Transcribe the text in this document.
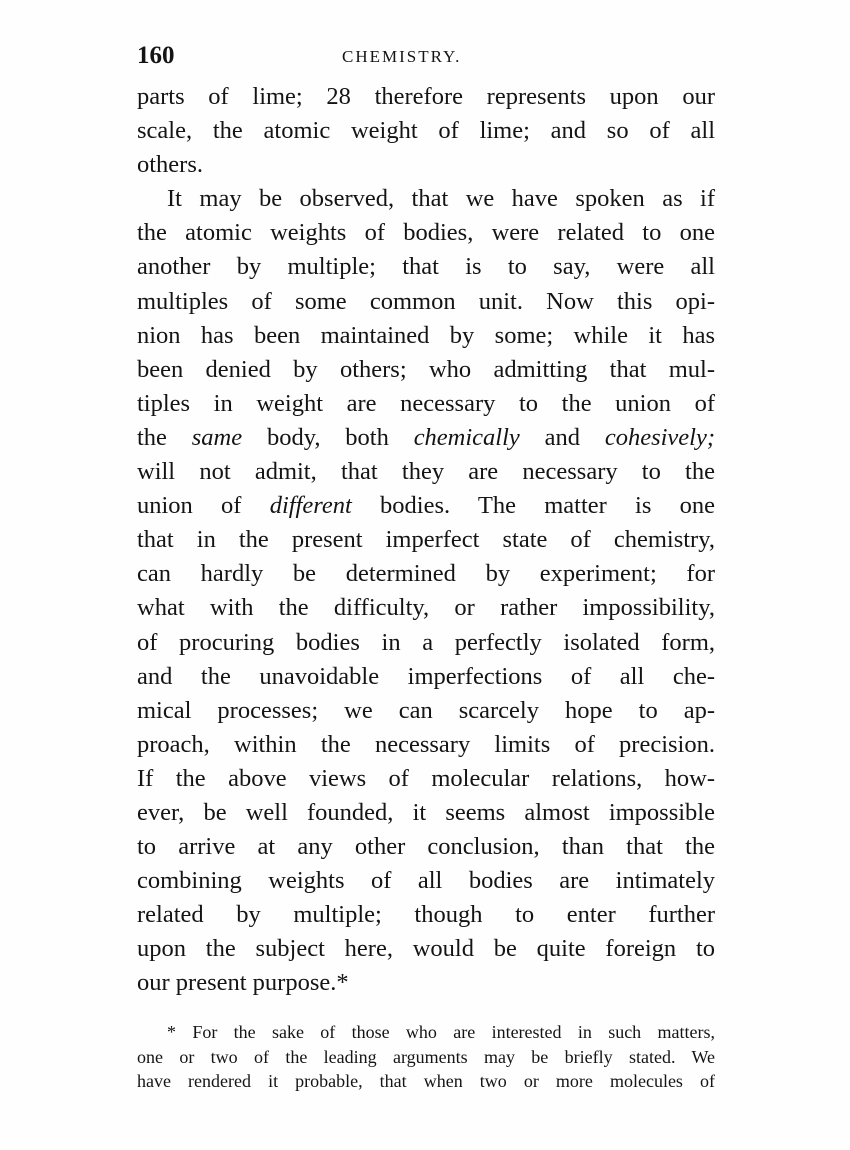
160	CHEMISTRY.
parts of lime; 28 therefore represents upon our
scale, the atomic weight of lime; and so of all
others.
It may be observed, that we have spoken as if
the atomic weights of bodies, were related to one
another by multiple; that is to say, were all
multiples of some common unit. Now this opi-
nion has been maintained by some; while it has
been denied by others; who admitting that mul-
tiples in weight are necessary to the union of
the same body, both chemically and cohesively;
will not admit, that they are necessary to the
union of different bodies. The matter is one
that in the present imperfect state of chemistry,
can hardly be determined by experiment; for
what with the difficulty, or rather impossibility,
of procuring bodies in a perfectly isolated form,
and the unavoidable imperfections of all che-
mical processes; we can scarcely hope to ap-
proach, within the necessary limits of precision.
If the above views of molecular relations, how-
ever, be well founded, it seems almost impossible
to arrive at any other conclusion, than that the
combining weights of all bodies are intimately
related by multiple; though to enter further
upon the subject here, would be quite foreign to
our present purpose.*
* For the sake of those who are interested in such matters,
one or two of the leading arguments may be briefly stated. We
have rendered it probable, that when two or more molecules of
